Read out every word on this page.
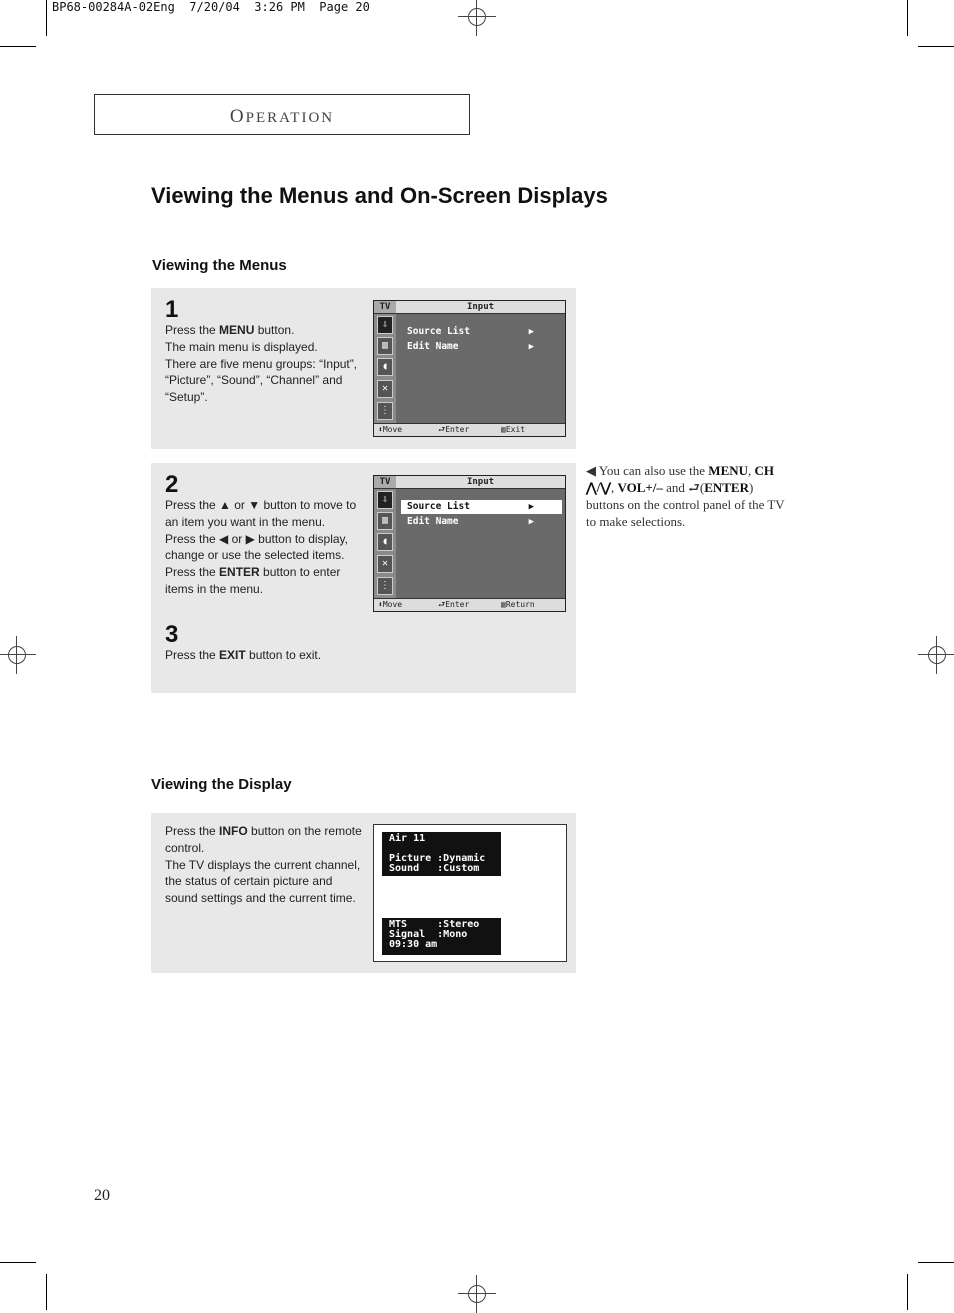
BP68-00284A-02Eng  7/20/04  3:26 PM  Page 20
OPERATION
Viewing the Menus and On-Screen Displays
Viewing the Menus
1
Press the MENU button.
The main menu is displayed.
There are five menu groups: “Input”, “Picture”, “Sound”, “Channel” and “Setup”.
TV	Input
⇩
▥
◖
✕
⋮
Source List	▶
Edit Name	▶
⬍Move	⮐Enter	▥Exit
2
Press the ▲ or ▼ button to move to an item you want in the menu.
Press the ◀ or ▶ button to display, change or use the selected items.
Press the ENTER button to enter items in the menu.
TV	Input
⇩
▥
◖
✕
⋮
Source List	▶
Edit Name	▶
⬍Move	⮐Enter	▥Return
3
Press the EXIT button to exit.
◀ You can also use the MENU, CH ⋀/⋁, VOL+/– and ⮐(ENTER) buttons on the control panel of the TV to make selections.
Viewing the Display
Press the INFO button on the remote control.
The TV displays the current channel, the status of certain picture and sound settings and the current time.
Air 11

Picture :Dynamic
Sound   :Custom
MTS     :Stereo
Signal  :Mono
09:30 am
20
